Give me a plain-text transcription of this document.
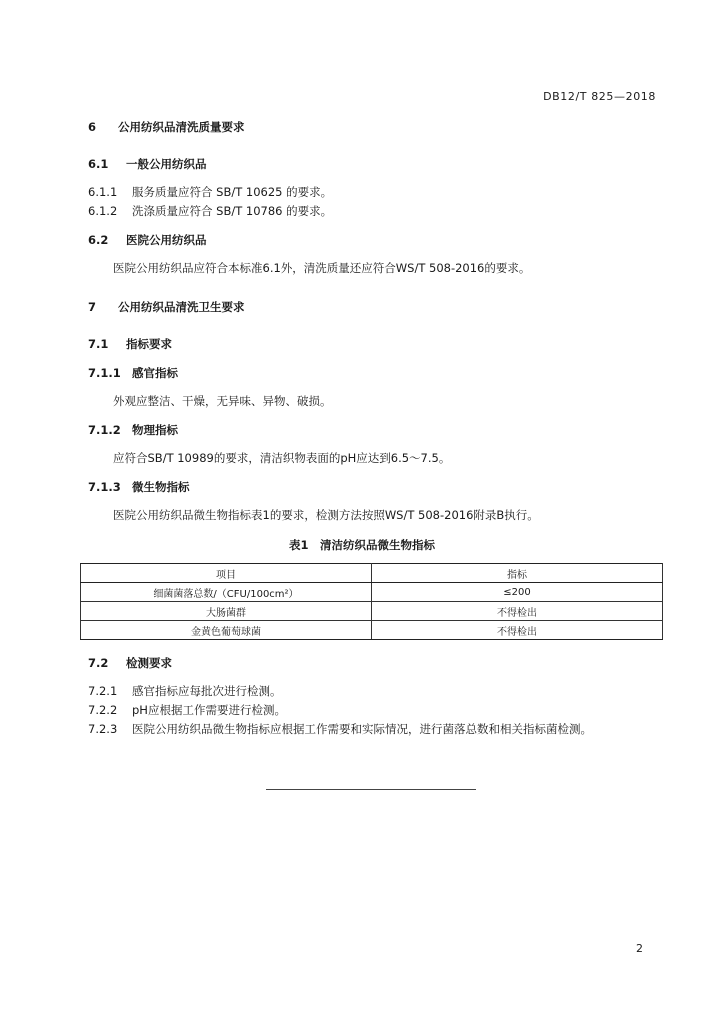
DB12/T 825—2018
6 公用纺织品清洗质量要求
6.1 一般公用纺织品
6.1.1 服务质量应符合 SB/T 10625 的要求。
6.1.2 洗涤质量应符合 SB/T 10786 的要求。
6.2 医院公用纺织品
医院公用纺织品应符合本标准6.1外，清洗质量还应符合WS/T 508-2016的要求。
7 公用纺织品清洗卫生要求
7.1 指标要求
7.1.1 感官指标
外观应整洁、干燥，无异味、异物、破损。
7.1.2 物理指标
应符合SB/T 10989的要求，清洁织物表面的pH应达到6.5～7.5。
7.1.3 微生物指标
医院公用纺织品微生物指标表1的要求，检测方法按照WS/T 508-2016附录B执行。
表1　清洁纺织品微生物指标
项目	指标
细菌菌落总数/（CFU/100cm²）	≤200
大肠菌群	不得检出
金黄色葡萄球菌	不得检出
7.2 检测要求
7.2.1 感官指标应每批次进行检测。
7.2.2 pH应根据工作需要进行检测。
7.2.3 医院公用纺织品微生物指标应根据工作需要和实际情况，进行菌落总数和相关指标菌检测。
2
